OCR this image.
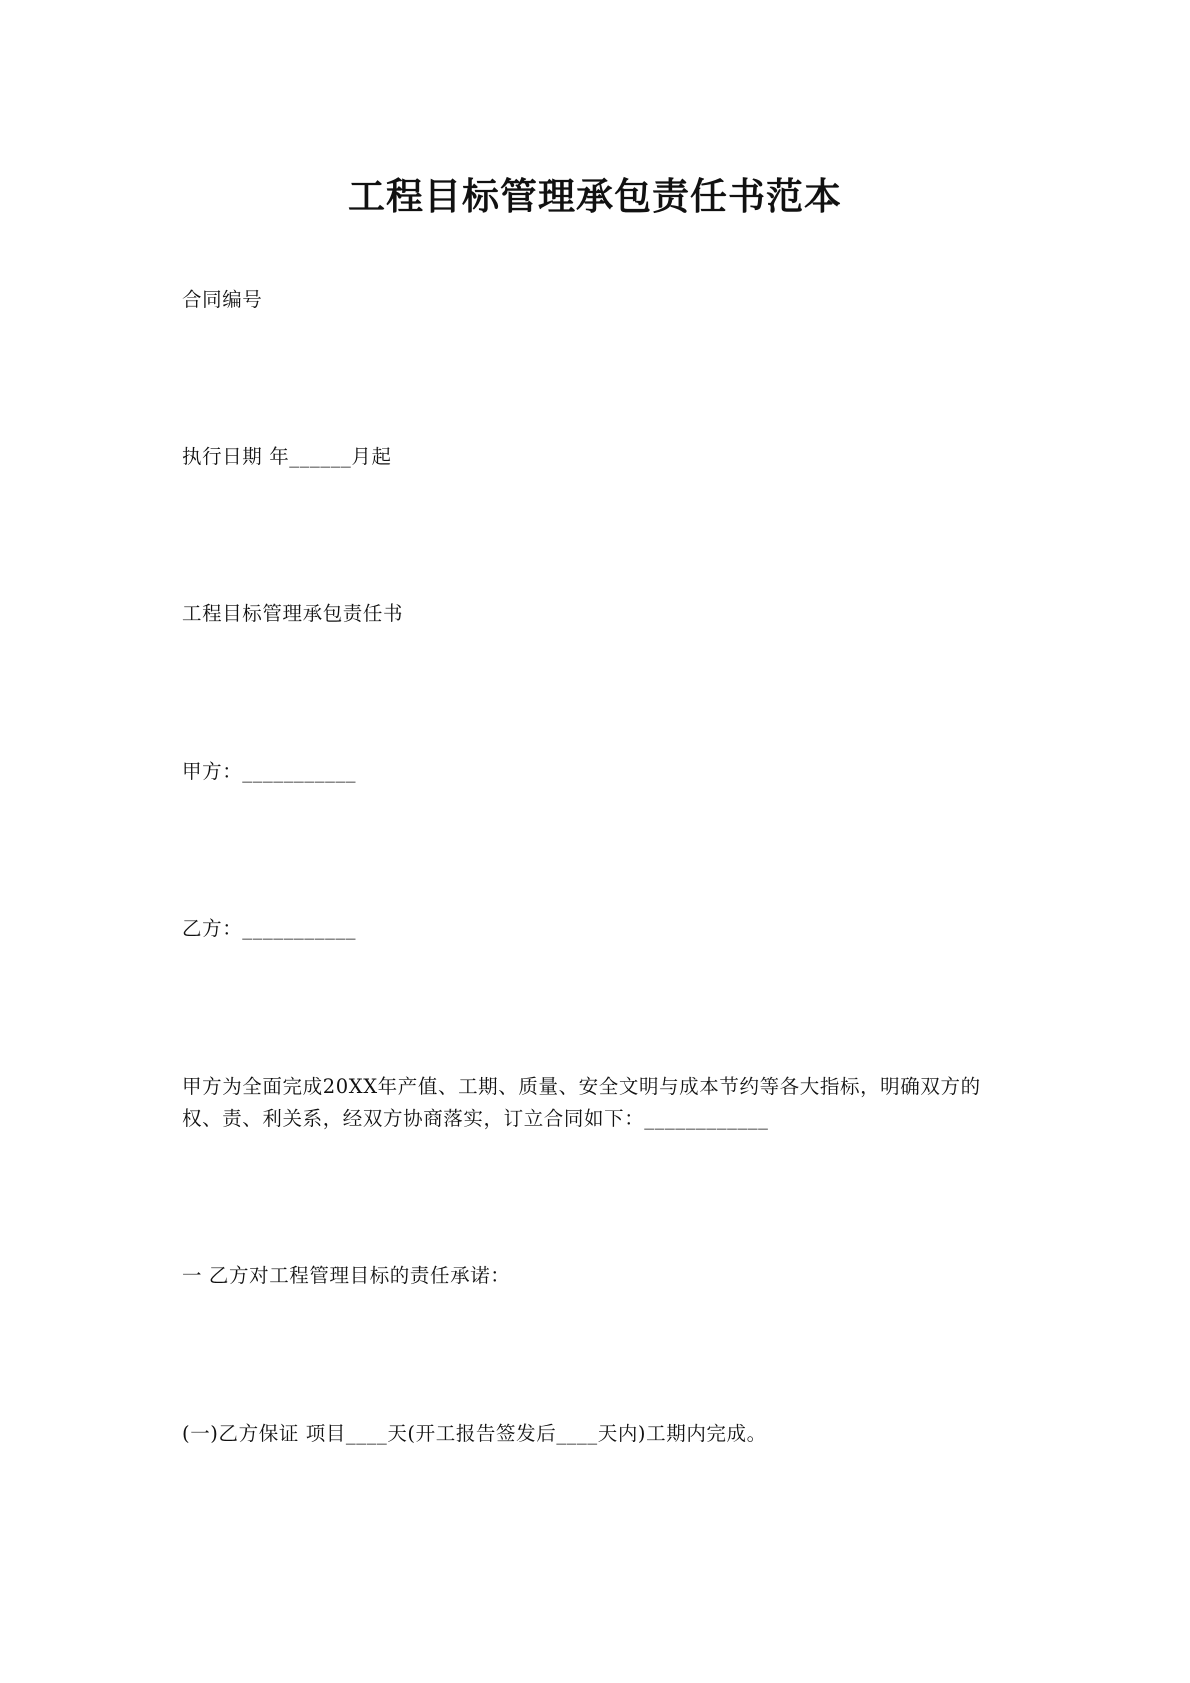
工程目标管理承包责任书范本
合同编号
执行日期 年______月起
工程目标管理承包责任书
甲方：___________
乙方：___________
甲方为全面完成20XX年产值、工期、质量、安全文明与成本节约等各大指标，明确双方的
权、责、利关系，经双方协商落实，订立合同如下：____________
一 乙方对工程管理目标的责任承诺：
(一)乙方保证 项目____天(开工报告签发后____天内)工期内完成。
